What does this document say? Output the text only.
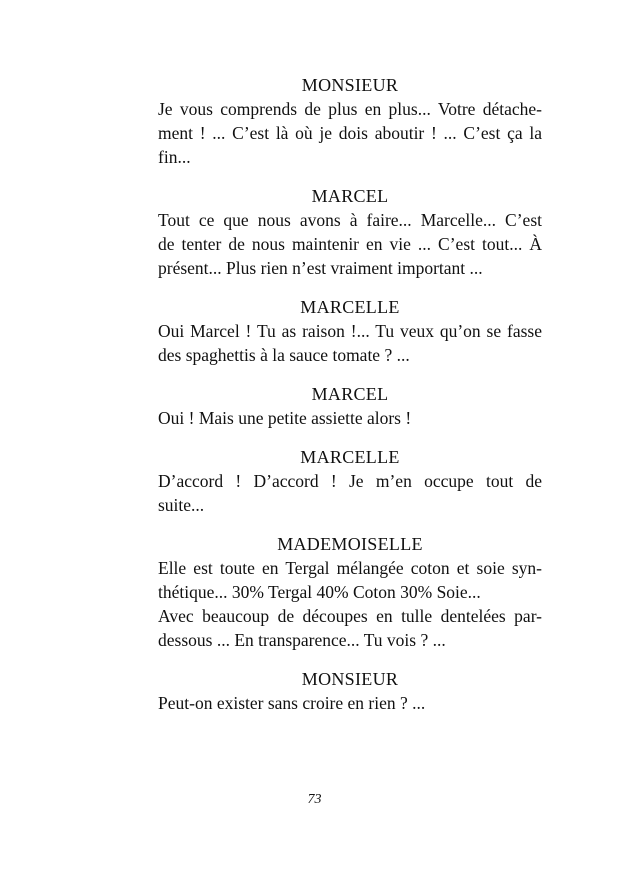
MONSIEUR
Je vous comprends de plus en plus... Votre détache-
ment ! ... C’est là où je dois aboutir ! ... C’est ça la
fin...
MARCEL
Tout ce que nous avons à faire... Marcelle... C’est
de tenter de nous maintenir en vie ... C’est tout... À
présent... Plus rien n’est vraiment important ...
MARCELLE
Oui Marcel ! Tu as raison !... Tu veux qu’on se fasse
des spaghettis à la sauce tomate ? ...
MARCEL
Oui ! Mais une petite assiette alors !
MARCELLE
D’accord ! D’accord ! Je m’en occupe tout de
suite...
MADEMOISELLE
Elle est toute en Tergal mélangée coton et soie syn-
thétique... 30% Tergal 40% Coton 30% Soie...
Avec beaucoup de découpes en tulle dentelées par-
dessous ... En transparence... Tu vois ? ...
MONSIEUR
Peut-on exister sans croire en rien ? ...
73
